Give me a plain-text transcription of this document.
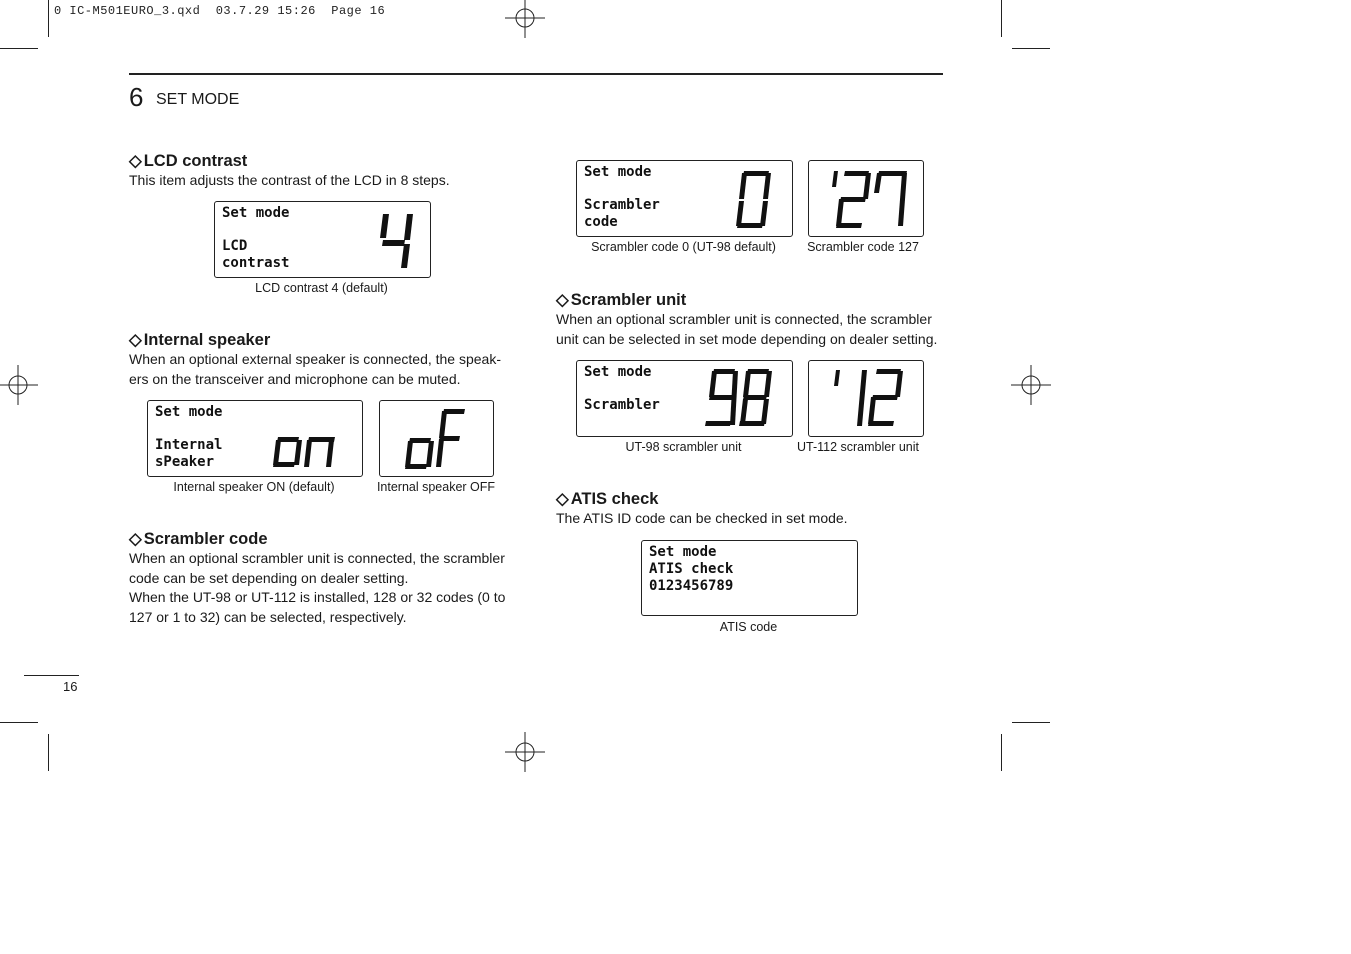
0 IC-M501EURO_3.qxd  03.7.29 15:26  Page 16
6 SET MODE
◇ LCD contrast
This item adjusts the contrast of the LCD in 8 steps.
Set mode
LCD
contrast
LCD contrast 4 (default)
◇ Internal speaker
When an optional external speaker is connected, the speak-ers on the transceiver and microphone can be muted.
Set mode
Internal
sPeaker
Internal speaker ON (default)	Internal speaker OFF
◇ Scrambler code
When an optional scrambler unit is connected, the scrambler code can be set depending on dealer setting.
When the UT-98 or UT-112 is installed, 128 or 32 codes (0 to 127 or 1 to 32) can be selected, respectively.
Set mode
Scrambler
code
Scrambler code 0 (UT-98 default)	Scrambler code 127
◇ Scrambler unit
When an optional scrambler unit is connected, the scrambler unit can be selected in set mode depending on dealer setting.
Set mode
Scrambler
UT-98 scrambler unit	UT-112 scrambler unit
◇ ATIS check
The ATIS ID code can be checked in set mode.
Set mode
ATIS check
0123456789
ATIS code
16
